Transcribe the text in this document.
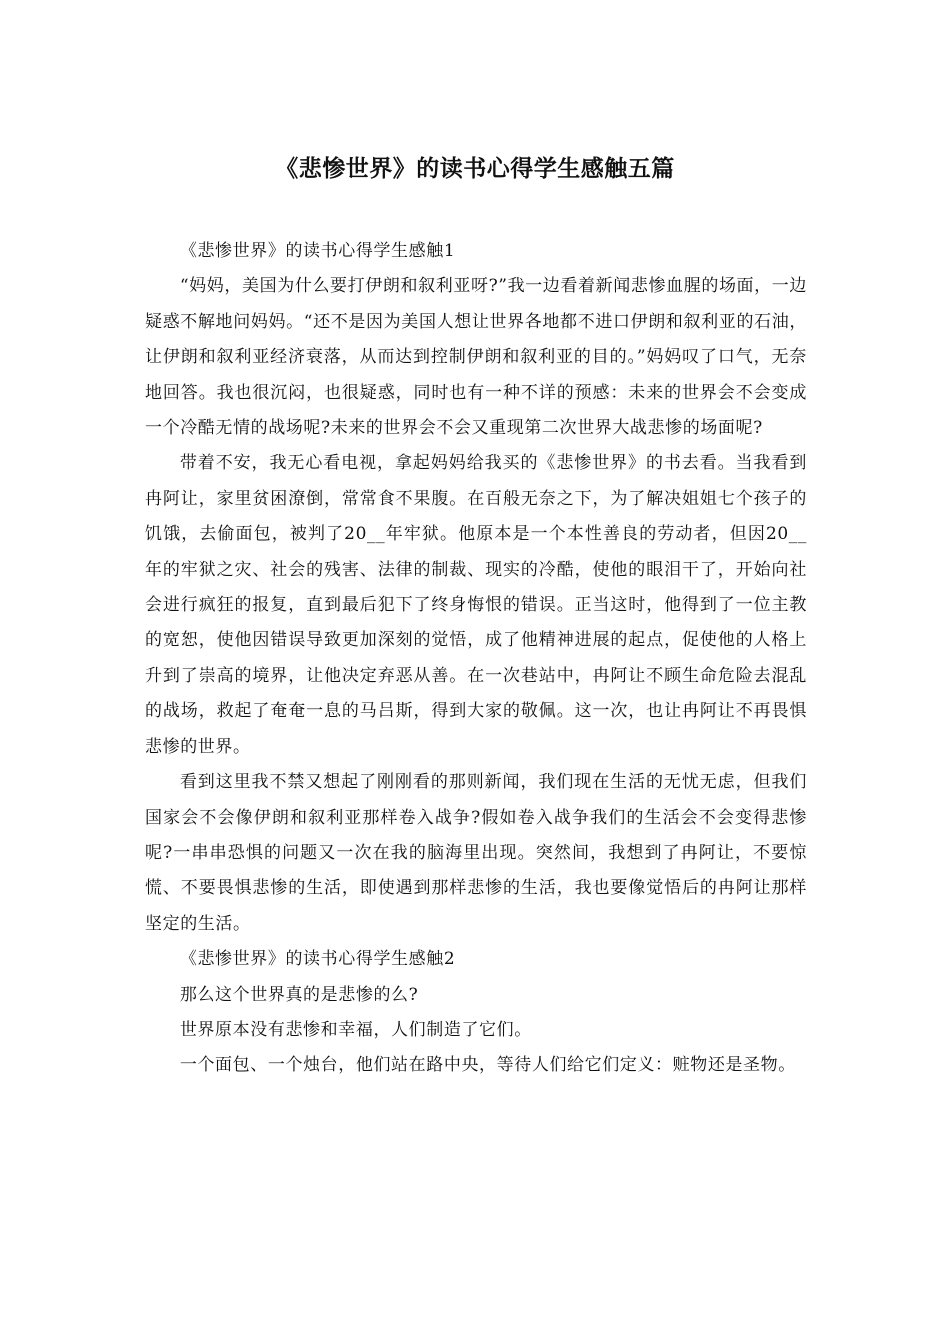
《悲惨世界》的读书心得学生感触五篇

《悲惨世界》的读书心得学生感触1

“妈妈，美国为什么要打伊朗和叙利亚呀?”我一边看着新闻悲惨血腥的场面，一边疑惑不解地问妈妈。“还不是因为美国人想让世界各地都不进口伊朗和叙利亚的石油，让伊朗和叙利亚经济衰落，从而达到控制伊朗和叙利亚的目的。”妈妈叹了口气，无奈地回答。我也很沉闷，也很疑惑，同时也有一种不详的预感：未来的世界会不会变成一个冷酷无情的战场呢?未来的世界会不会又重现第二次世界大战悲惨的场面呢?

带着不安，我无心看电视，拿起妈妈给我买的《悲惨世界》的书去看。当我看到冉阿让，家里贫困潦倒，常常食不果腹。在百般无奈之下，为了解决姐姐七个孩子的饥饿，去偷面包，被判了20__年牢狱。他原本是一个本性善良的劳动者，但因20__年的牢狱之灾、社会的残害、法律的制裁、现实的冷酷，使他的眼泪干了，开始向社会进行疯狂的报复，直到最后犯下了终身悔恨的错误。正当这时，他得到了一位主教的宽恕，使他因错误导致更加深刻的觉悟，成了他精神进展的起点，促使他的人格上升到了崇高的境界，让他决定弃恶从善。在一次巷站中，冉阿让不顾生命危险去混乱的战场，救起了奄奄一息的马吕斯，得到大家的敬佩。这一次，也让冉阿让不再畏惧悲惨的世界。

看到这里我不禁又想起了刚刚看的那则新闻，我们现在生活的无忧无虑，但我们国家会不会像伊朗和叙利亚那样卷入战争?假如卷入战争我们的生活会不会变得悲惨呢?一串串恐惧的问题又一次在我的脑海里出现。突然间，我想到了冉阿让，不要惊慌、不要畏惧悲惨的生活，即使遇到那样悲惨的生活，我也要像觉悟后的冉阿让那样坚定的生活。

《悲惨世界》的读书心得学生感触2

那么这个世界真的是悲惨的么?

世界原本没有悲惨和幸福，人们制造了它们。

一个面包、一个烛台，他们站在路中央，等待人们给它们定义：赃物还是圣物。
